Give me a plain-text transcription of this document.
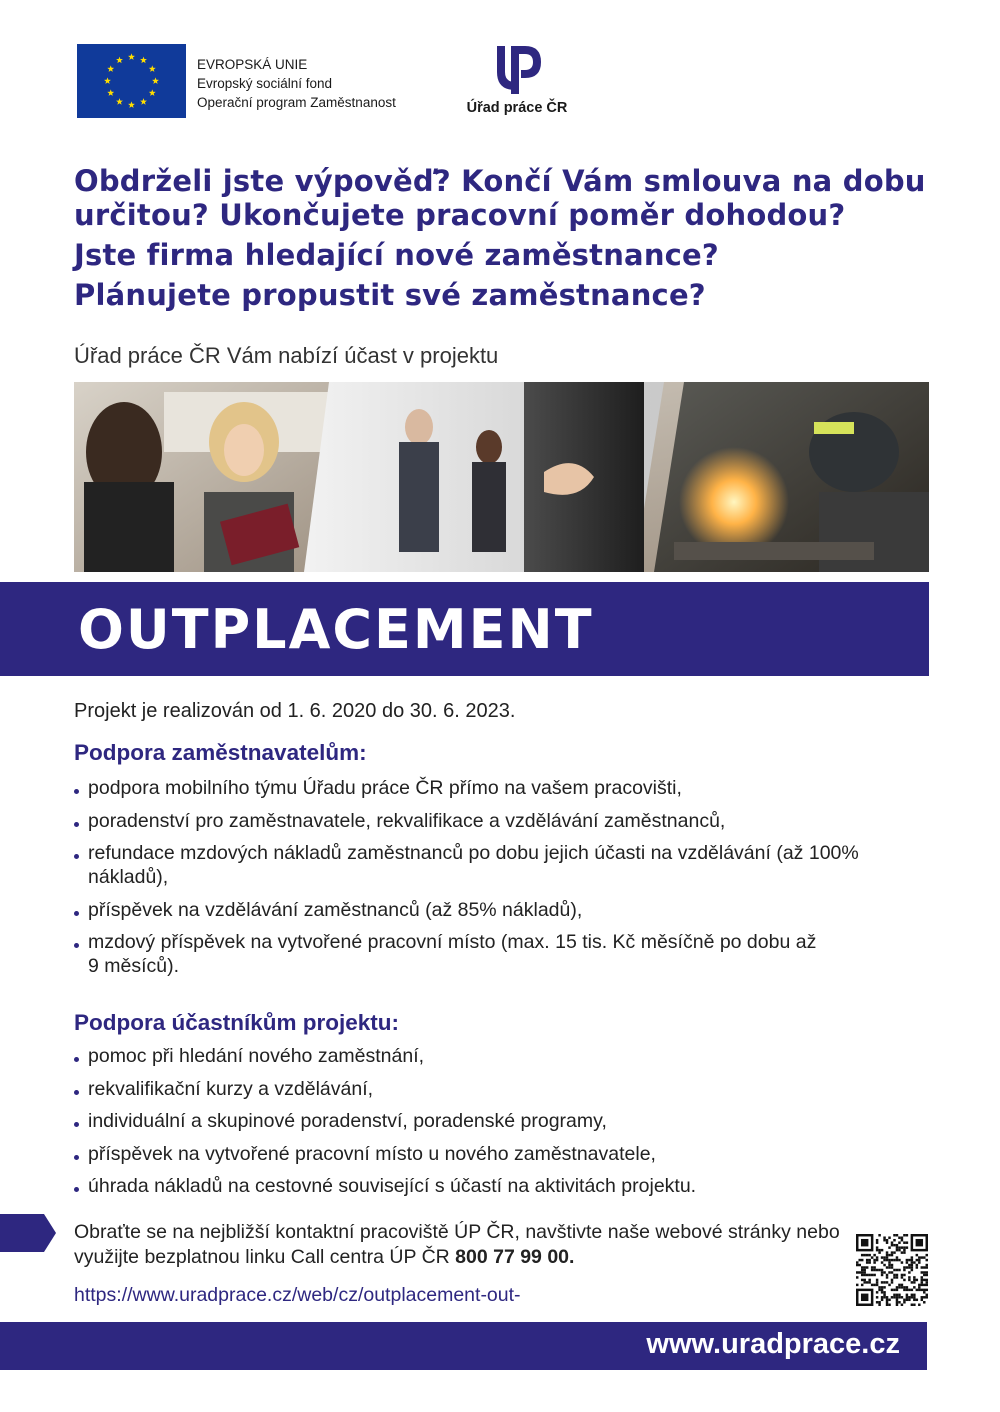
EVROPSKÁ UNIE
Evropský sociální fond
Operační program Zaměstnanost	Úřad práce ČR
Obdrželi jste výpověď? Končí Vám smlouva na dobu
určitou? Ukončujete pracovní poměr dohodou?
Jste firma hledající nové zaměstnance?
Plánujete propustit své zaměstnance?
Úřad práce ČR Vám nabízí účast v projektu
OUTPLACEMENT
Projekt je realizován od 1. 6. 2020 do 30. 6. 2023.
Podpora zaměstnavatelům:
podpora mobilního týmu Úřadu práce ČR přímo na vašem pracovišti,
poradenství pro zaměstnavatele, rekvalifikace a vzdělávání zaměstnanců,
refundace mzdových nákladů zaměstnanců po dobu jejich účasti na vzdělávání (až 100% nákladů),
příspěvek na vzdělávání zaměstnanců (až 85% nákladů),
mzdový příspěvek na vytvořené pracovní místo (max. 15 tis. Kč měsíčně po dobu až 9 měsíců).
Podpora účastníkům projektu:
pomoc při hledání nového zaměstnání,
rekvalifikační kurzy a vzdělávání,
individuální a skupinové poradenství, poradenské programy,
příspěvek na vytvořené pracovní místo u nového zaměstnavatele,
úhrada nákladů na cestovné související s účastí na aktivitách projektu.
Obraťte se na nejbližší kontaktní pracoviště ÚP ČR, navštivte naše webové stránky nebo využijte bezplatnou linku Call centra ÚP ČR 800 77 99 00.
https://www.uradprace.cz/web/cz/outplacement-out-
www.uradprace.cz
